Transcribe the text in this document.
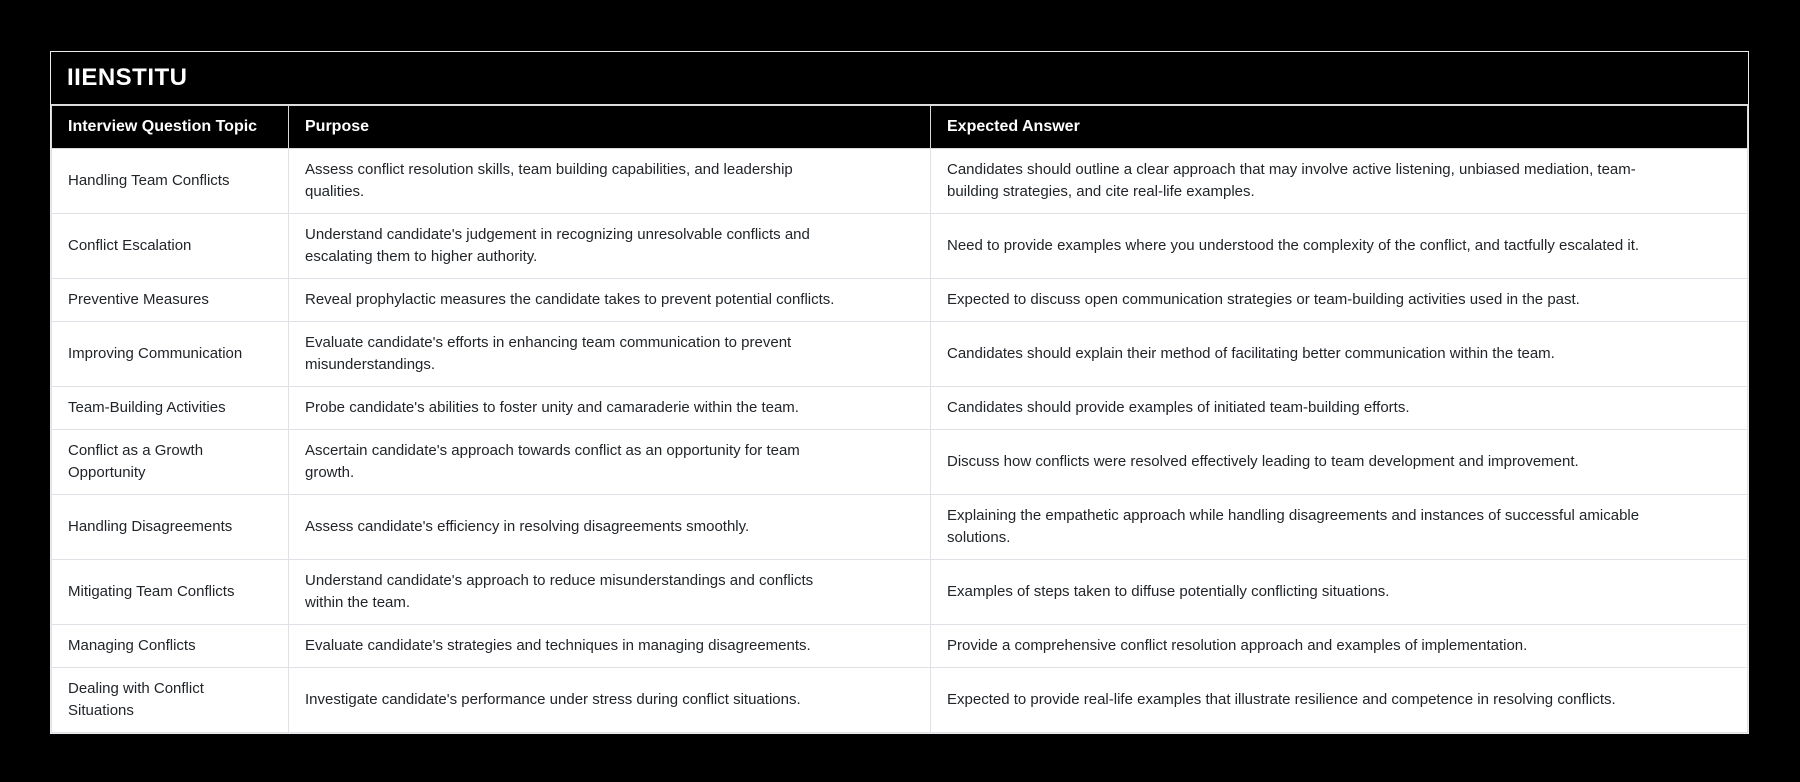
IIENSTITU
Interview Question Topic	Purpose	Expected Answer

Handling Team Conflicts	Assess conflict resolution skills, team building capabilities, and leadership qualities.	Candidates should outline a clear approach that may involve active listening, unbiased mediation, team-building strategies, and cite real-life examples.

Conflict Escalation	Understand candidate's judgement in recognizing unresolvable conflicts and escalating them to higher authority.	Need to provide examples where you understood the complexity of the conflict, and tactfully escalated it.

Preventive Measures	Reveal prophylactic measures the candidate takes to prevent potential conflicts.	Expected to discuss open communication strategies or team-building activities used in the past.

Improving Communication	Evaluate candidate's efforts in enhancing team communication to prevent misunderstandings.	Candidates should explain their method of facilitating better communication within the team.

Team-Building Activities	Probe candidate's abilities to foster unity and camaraderie within the team.	Candidates should provide examples of initiated team-building efforts.

Conflict as a Growth Opportunity	Ascertain candidate's approach towards conflict as an opportunity for team growth.	Discuss how conflicts were resolved effectively leading to team development and improvement.

Handling Disagreements	Assess candidate's efficiency in resolving disagreements smoothly.	Explaining the empathetic approach while handling disagreements and instances of successful amicable solutions.

Mitigating Team Conflicts	Understand candidate's approach to reduce misunderstandings and conflicts within the team.	Examples of steps taken to diffuse potentially conflicting situations.

Managing Conflicts	Evaluate candidate's strategies and techniques in managing disagreements.	Provide a comprehensive conflict resolution approach and examples of implementation.

Dealing with Conflict Situations	Investigate candidate's performance under stress during conflict situations.	Expected to provide real-life examples that illustrate resilience and competence in resolving conflicts.
